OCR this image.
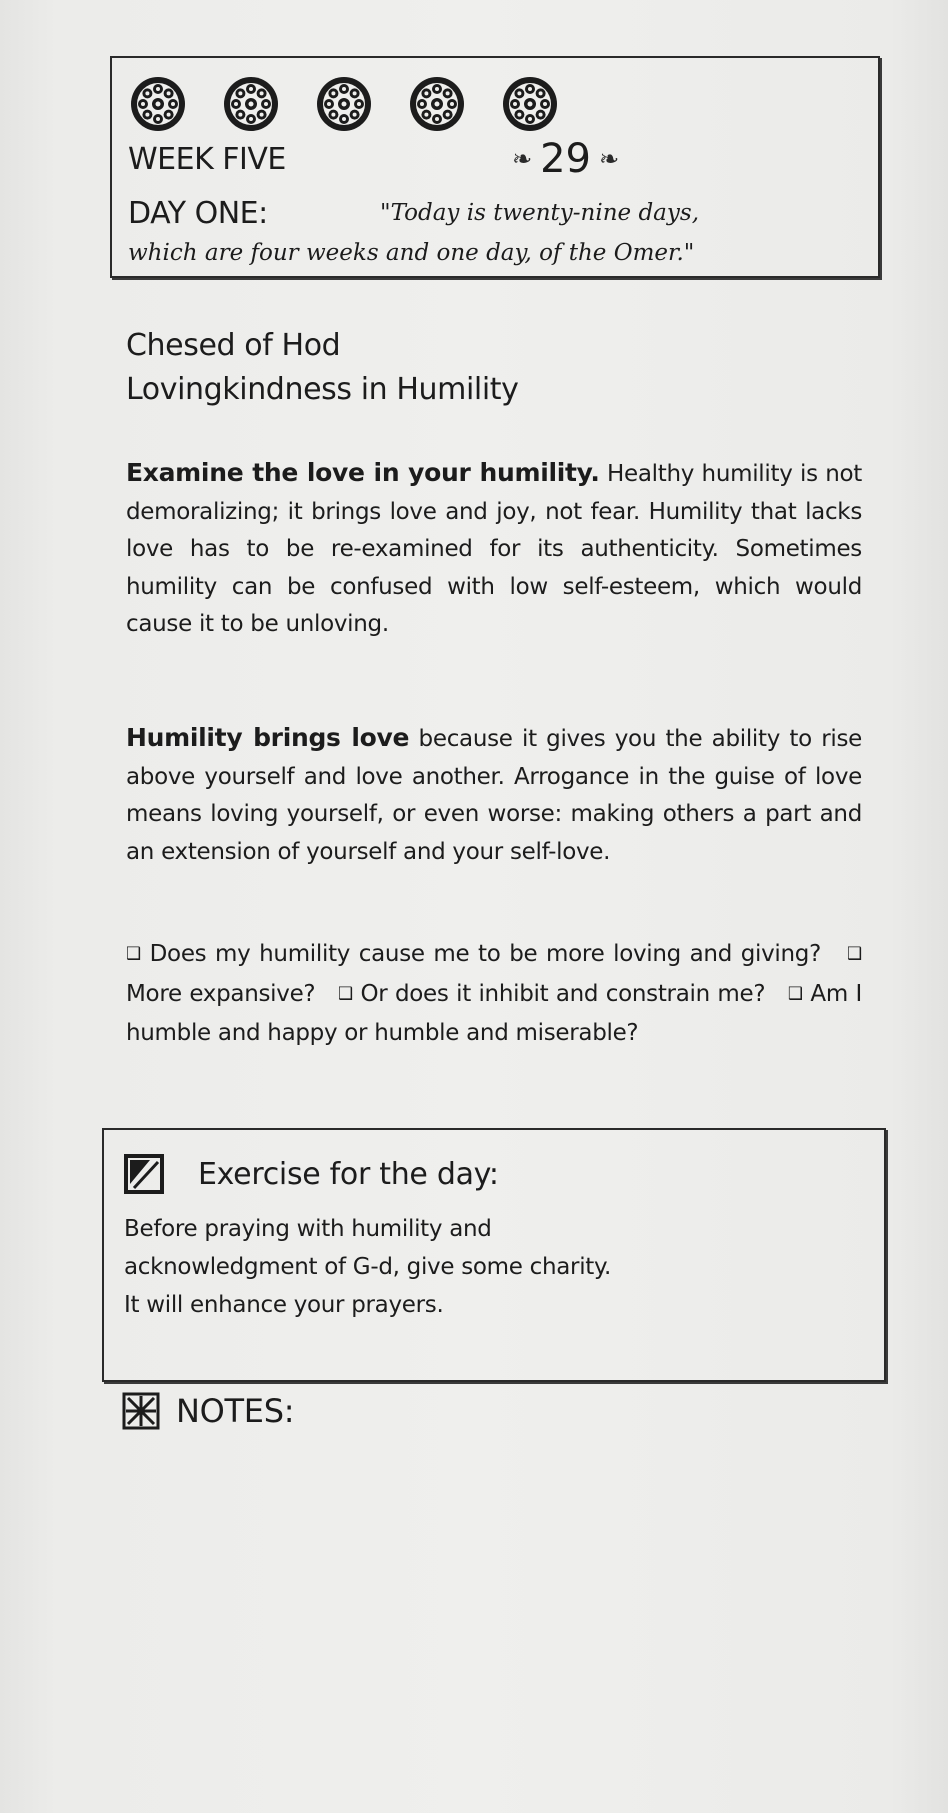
WEEK FIVE	❧ 29 ❧
DAY ONE:	"Today is twenty-nine days,
which are four weeks and one day, of the Omer."
Chesed of Hod
Lovingkindness in Humility

Examine the love in your humility. Healthy humility is not demoralizing; it brings love and joy, not fear. Humility that lacks love has to be re-examined for its authenticity. Sometimes humility can be confused with low self-esteem, which would cause it to be unloving.

Humility brings love because it gives you the ability to rise above yourself and love another. Arrogance in the guise of love means loving yourself, or even worse: making others a part and an extension of yourself and your self-love.

❑ Does my humility cause me to be more loving and giving? ❑ More expansive? ❑ Or does it inhibit and constrain me? ❑ Am I humble and happy or humble and miserable?

Exercise for the day:
Before praying with humility and
acknowledgment of G-d, give some charity.
It will enhance your prayers.
NOTES:
